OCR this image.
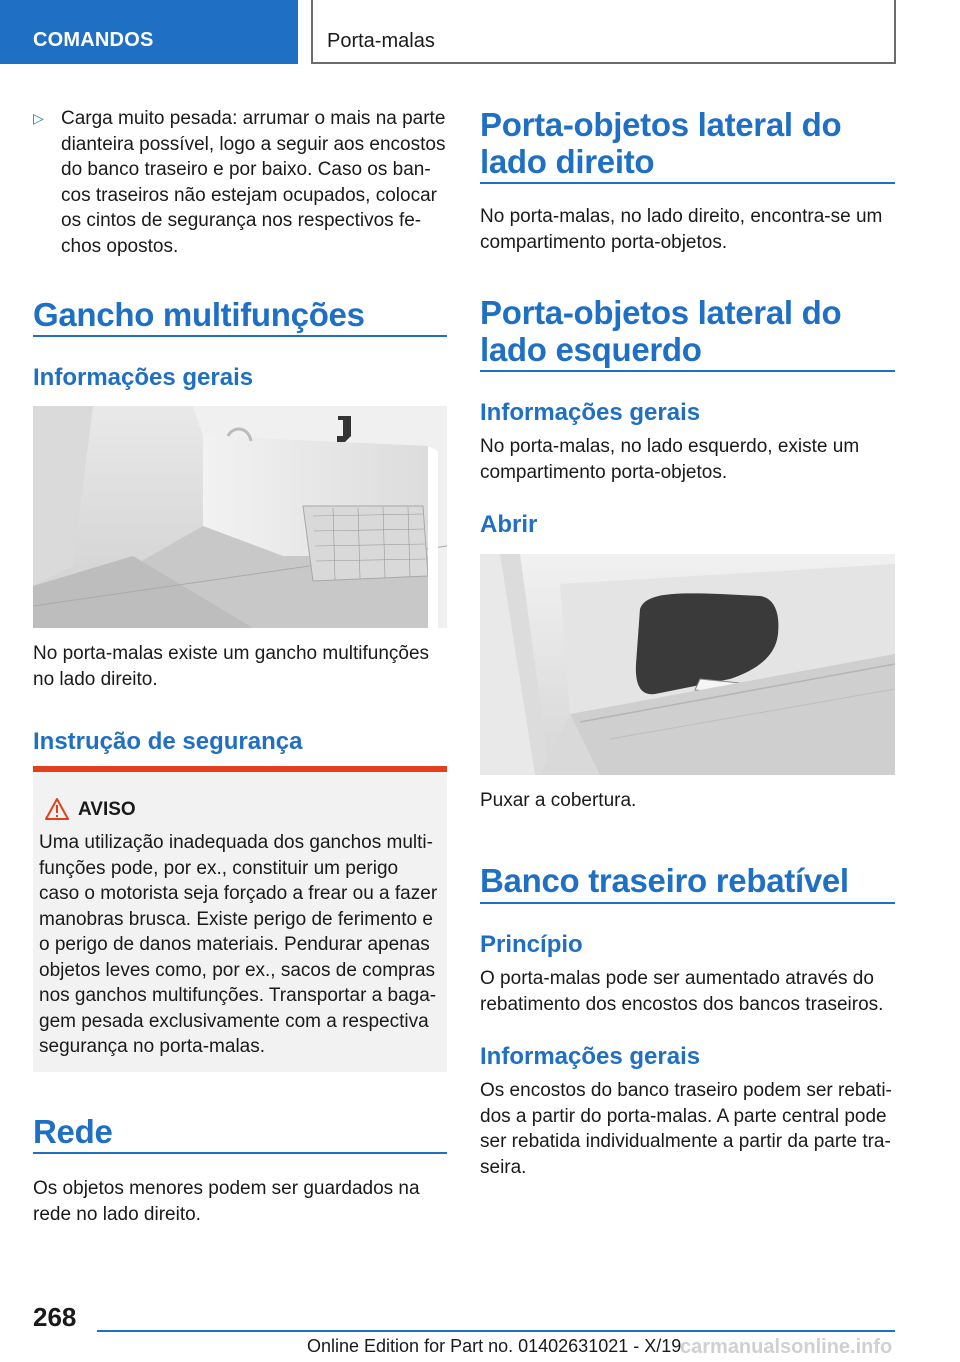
COMANDOS	Porta-malas
▷ Carga muito pesada: arrumar o mais na parte
dianteira possível, logo a seguir aos encostos
do banco traseiro e por baixo. Caso os ban‐
cos traseiros não estejam ocupados, colocar
os cintos de segurança nos respectivos fe‐
chos opostos.
Gancho multifunções
Informações gerais
No porta-malas existe um gancho multifunções
no lado direito.
Instrução de segurança
AVISO
Uma utilização inadequada dos ganchos multi‐
funções pode, por ex., constituir um perigo
caso o motorista seja forçado a frear ou a fazer
manobras brusca. Existe perigo de ferimento e
o perigo de danos materiais. Pendurar apenas
objetos leves como, por ex., sacos de compras
nos ganchos multifunções. Transportar a baga‐
gem pesada exclusivamente com a respectiva
segurança no porta-malas.
Rede
Os objetos menores podem ser guardados na
rede no lado direito.
Porta-objetos lateral do
lado direito
No porta-malas, no lado direito, encontra-se um
compartimento porta-objetos.
Porta-objetos lateral do
lado esquerdo
Informações gerais
No porta-malas, no lado esquerdo, existe um
compartimento porta-objetos.
Abrir
Puxar a cobertura.
Banco traseiro rebatível
Princípio
O porta-malas pode ser aumentado através do
rebatimento dos encostos dos bancos traseiros.
Informações gerais
Os encostos do banco traseiro podem ser rebati‐
dos a partir do porta-malas. A parte central pode
ser rebatida individualmente a partir da parte tra‐
seira.
268
Online Edition for Part no. 01402631021 - X/19
carmanualsonline.info
